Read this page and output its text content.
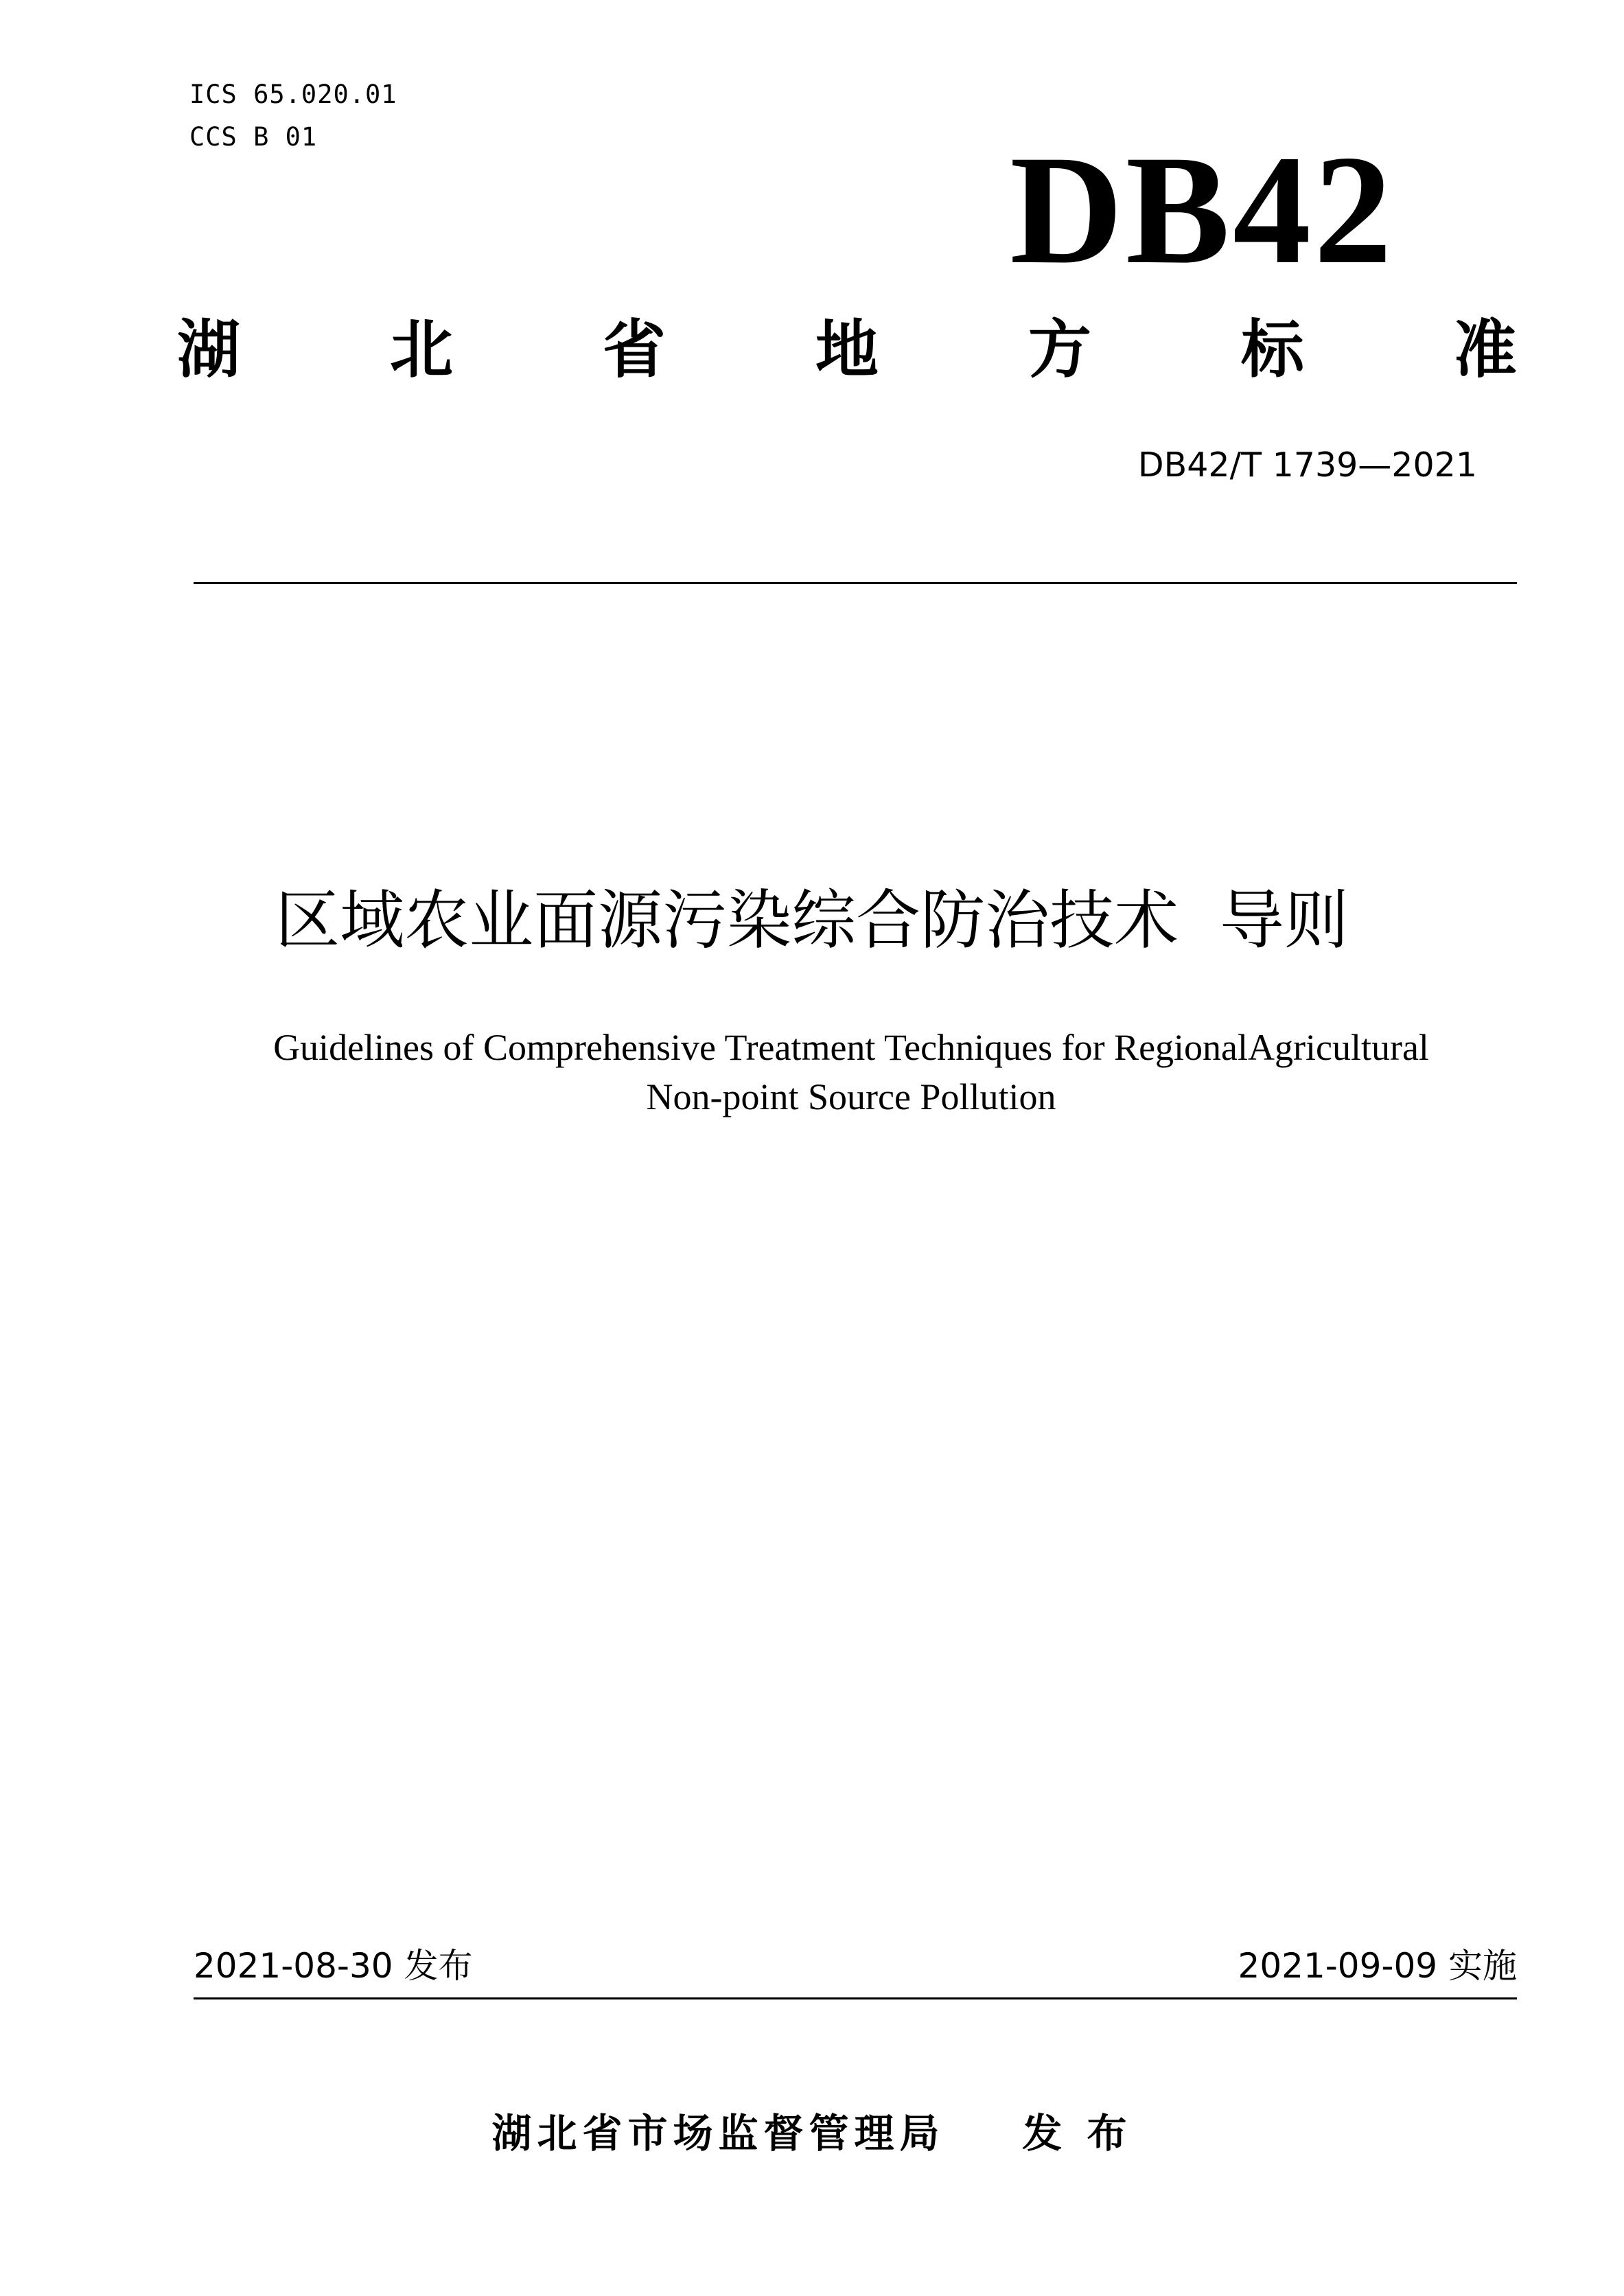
ICS 65.020.01
CCS B 01	DB42
湖 北 省 地 方 标 准
DB42/T 1739—2021
区域农业面源污染综合防治技术  导则
Guidelines of Comprehensive Treatment Techniques for RegionalAgricultural
Non-point Source Pollution
2021-08-30 发布	2021-09-09 实施
湖北省市场监督管理局    发 布
